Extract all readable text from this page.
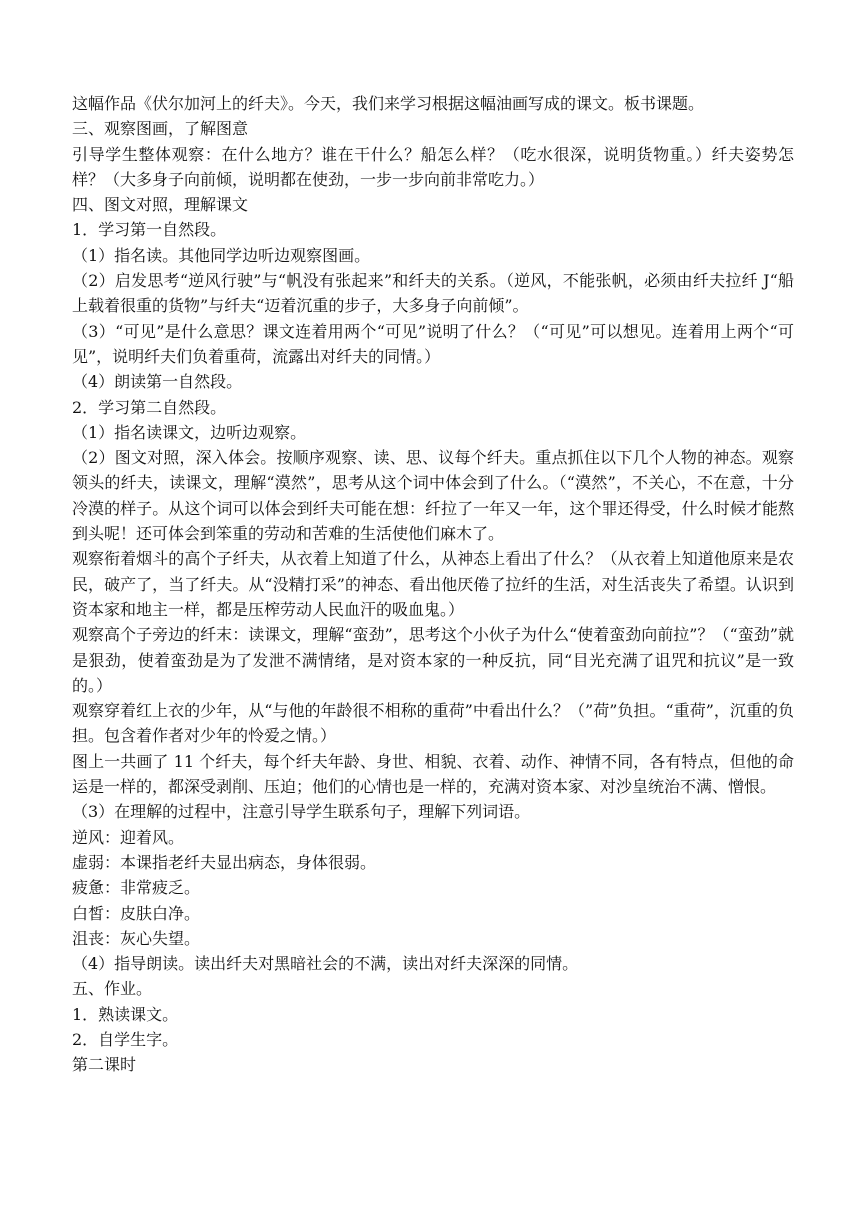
这幅作品《伏尔加河上的纤夫》。今天，我们来学习根据这幅油画写成的课文。板书课题。

三、观察图画，了解图意

引导学生整体观察：在什么地方？谁在干什么？船怎么样？（吃水很深，说明货物重。）纤夫姿势怎样？（大多身子向前倾，说明都在使劲，一步一步向前非常吃力。）

四、图文对照，理解课文

1．学习第一自然段。

（1）指名读。其他同学边听边观察图画。

（2）启发思考“逆风行驶”与“帆没有张起来”和纤夫的关系。（逆风，不能张帆，必须由纤夫拉纤 J“船上载着很重的货物”与纤夫“迈着沉重的步子，大多身子向前倾”。

（3）“可见”是什么意思？课文连着用两个“可见”说明了什么？（“可见”可以想见。连着用上两个“可见”，说明纤夫们负着重荷，流露出对纤夫的同情。）

（4）朗读第一自然段。

2．学习第二自然段。

（1）指名读课文，边听边观察。

（2）图文对照，深入体会。按顺序观察、读、思、议每个纤夫。重点抓住以下几个人物的神态。观察领头的纤夫，读课文，理解“漠然”，思考从这个词中体会到了什么。（“漠然”，不关心，不在意，十分冷漠的样子。从这个词可以体会到纤夫可能在想：纤拉了一年又一年，这个罪还得受，什么时候才能熬到头呢！还可体会到笨重的劳动和苦难的生活使他们麻木了。

观察衔着烟斗的高个子纤夫，从衣着上知道了什么，从神态上看出了什么？（从衣着上知道他原来是农民，破产了，当了纤夫。从“没精打采”的神态、看出他厌倦了拉纤的生活，对生活丧失了希望。认识到资本家和地主一样，都是压榨劳动人民血汗的吸血鬼。）

观察高个子旁边的纤末：读课文，理解“蛮劲”，思考这个小伙子为什么“使着蛮劲向前拉”？（“蛮劲”就是狠劲，使着蛮劲是为了发泄不满情绪，是对资本家的一种反抗，同“目光充满了诅咒和抗议”是一致的。）

观察穿着红上衣的少年，从“与他的年龄很不相称的重荷”中看出什么？（”荷”负担。“重荷”，沉重的负担。包含着作者对少年的怜爱之情。）

图上一共画了 11 个纤夫，每个纤夫年龄、身世、相貌、衣着、动作、神情不同，各有特点，但他的命运是一样的，都深受剥削、压迫；他们的心情也是一样的，充满对资本家、对沙皇统治不满、憎恨。

（3）在理解的过程中，注意引导学生联系句子，理解下列词语。

逆风：迎着风。

虚弱：本课指老纤夫显出病态，身体很弱。

疲惫：非常疲乏。

白皙：皮肤白净。

沮丧：灰心失望。

（4）指导朗读。读出纤夫对黑暗社会的不满，读出对纤夫深深的同情。

五、作业。

1．熟读课文。

2．自学生字。

第二课时
